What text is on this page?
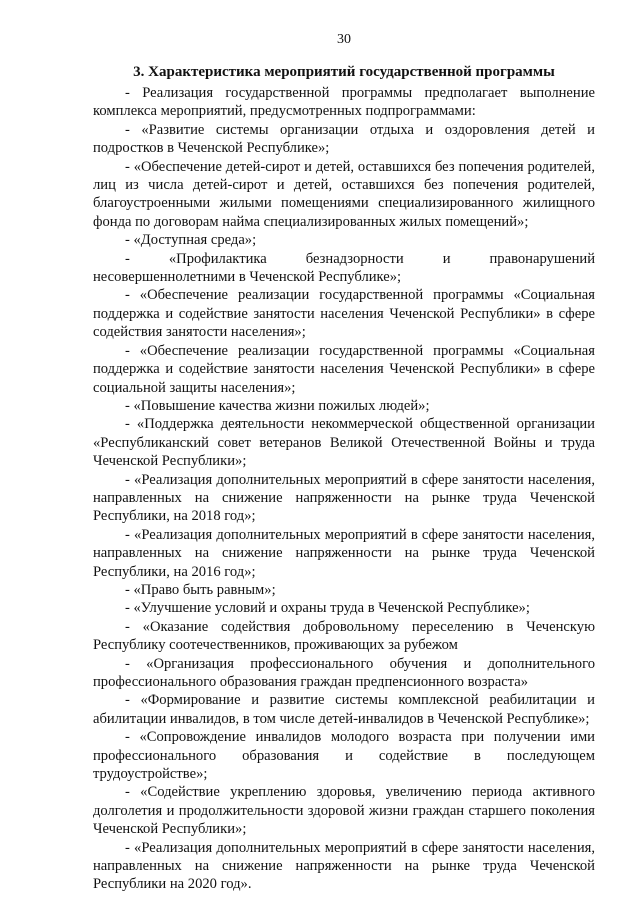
30
3. Характеристика мероприятий государственной программы

- Реализация государственной программы предполагает выполнение комплекса мероприятий, предусмотренных подпрограммами:

- «Развитие системы организации отдыха и оздоровления детей и подростков в Чеченской Республике»;

- «Обеспечение детей-сирот и детей, оставшихся без попечения родителей, лиц из числа детей-сирот и детей, оставшихся без попечения родителей, благоустроенными жилыми помещениями специализированного жилищного фонда по договорам найма специализированных жилых помещений»;

- «Доступная среда»;

- «Профилактика безнадзорности и правонарушений несовершеннолетними в Чеченской Республике»;

- «Обеспечение реализации государственной программы «Социальная поддержка и содействие занятости населения Чеченской Республики» в сфере содействия занятости населения»;

- «Обеспечение реализации государственной программы «Социальная поддержка и содействие занятости населения Чеченской Республики» в сфере социальной защиты населения»;

- «Повышение качества жизни пожилых людей»;

- «Поддержка деятельности некоммерческой общественной организации «Республиканский совет ветеранов Великой Отечественной Войны и труда Чеченской Республики»;

- «Реализация дополнительных мероприятий в сфере занятости населения, направленных на снижение напряженности на рынке труда Чеченской Республики, на 2018 год»;

- «Реализация дополнительных мероприятий в сфере занятости населения, направленных на снижение напряженности на рынке труда Чеченской Республики, на 2016 год»;

- «Право быть равным»;

- «Улучшение условий и охраны труда в Чеченской Республике»;

- «Оказание содействия добровольному переселению в Чеченскую Республику соотечественников, проживающих за рубежом

- «Организация профессионального обучения и дополнительного профессионального образования граждан предпенсионного возраста»

- «Формирование и развитие системы комплексной реабилитации и абилитации инвалидов, в том числе детей-инвалидов в Чеченской Республике»;

- «Сопровождение инвалидов молодого возраста при получении ими профессионального образования и содействие в последующем трудоустройстве»;

- «Содействие укреплению здоровья, увеличению периода активного долголетия и продолжительности здоровой жизни граждан старшего поколения Чеченской Республики»;

- «Реализация дополнительных мероприятий в сфере занятости населения, направленных на снижение напряженности на рынке труда Чеченской Республики на 2020 год».
